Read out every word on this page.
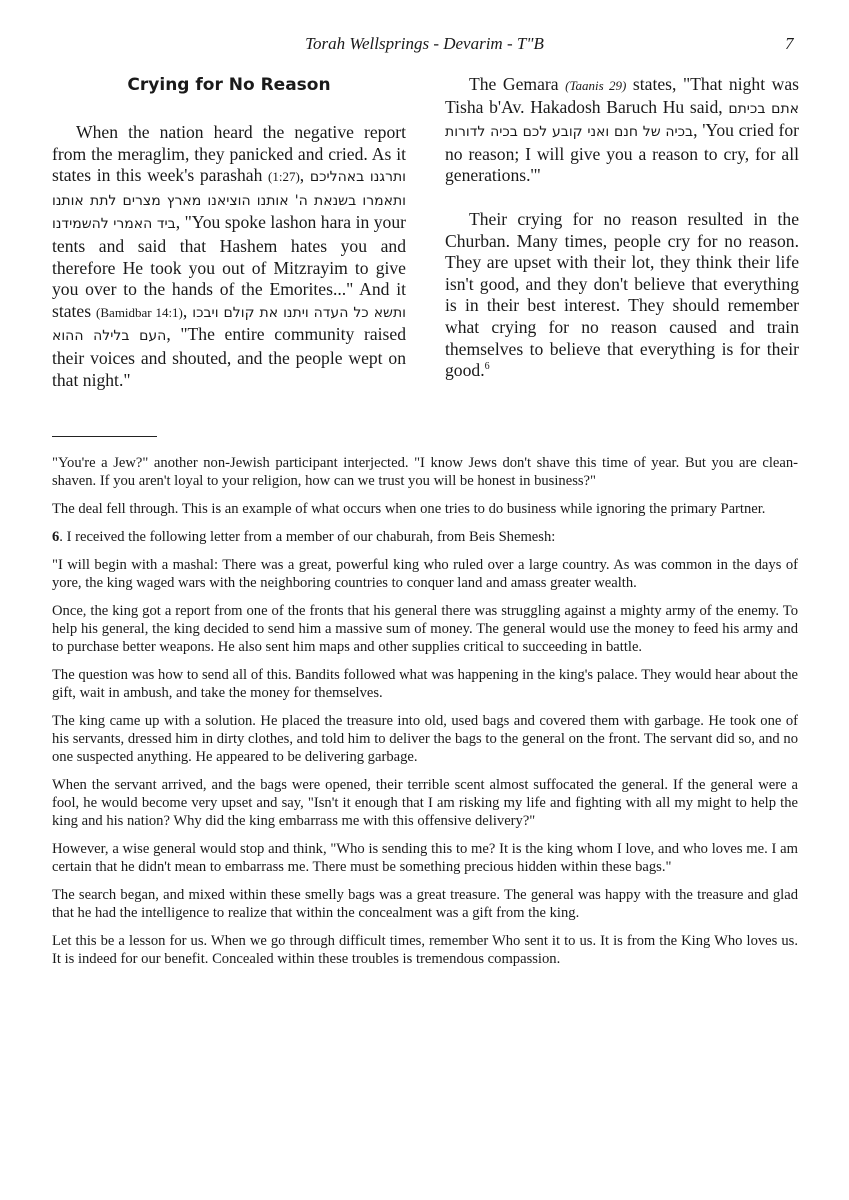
Torah Wellsprings - Devarim - T"B	7
Crying for No Reason

When the nation heard the negative report from the meraglim, they panicked and cried. As it states in this week's parashah (1:27), ותרגנו באהליכם ותאמרו בשנאת ה' אותנו הוציאנו מארץ מצרים לתת אותנו ביד האמרי להשמידנו, "You spoke lashon hara in your tents and said that Hashem hates you and therefore He took you out of Mitzrayim to give you over to the hands of the Emorites..." And it states (Bamidbar 14:1), ותשא כל העדה ויתנו את קולם ויבכו העם בלילה ההוא, "The entire community raised their voices and shouted, and the people wept on that night."

The Gemara (Taanis 29) states, "That night was Tisha b'Av. Hakadosh Baruch Hu said, אתם בכיתם בכיה של חנם ואני קובע לכם בכיה לדורות, 'You cried for no reason; I will give you a reason to cry, for all generations.'"

Their crying for no reason resulted in the Churban. Many times, people cry for no reason. They are upset with their lot, they think their life isn't good, and they don't believe that everything is in their best interest. They should remember what crying for no reason caused and train themselves to believe that everything is for their good.$^6$

"You're a Jew?" another non-Jewish participant interjected. "I know Jews don't shave this time of year. But you are clean-shaven. If you aren't loyal to your religion, how can we trust you will be honest in business?"

The deal fell through. This is an example of what occurs when one tries to do business while ignoring the primary Partner.

6. I received the following letter from a member of our chaburah, from Beis Shemesh:

"I will begin with a mashal: There was a great, powerful king who ruled over a large country. As was common in the days of yore, the king waged wars with the neighboring countries to conquer land and amass greater wealth.

Once, the king got a report from one of the fronts that his general there was struggling against a mighty army of the enemy. To help his general, the king decided to send him a massive sum of money. The general would use the money to feed his army and to purchase better weapons. He also sent him maps and other supplies critical to succeeding in battle.

The question was how to send all of this. Bandits followed what was happening in the king's palace. They would hear about the gift, wait in ambush, and take the money for themselves.

The king came up with a solution. He placed the treasure into old, used bags and covered them with garbage. He took one of his servants, dressed him in dirty clothes, and told him to deliver the bags to the general on the front. The servant did so, and no one suspected anything. He appeared to be delivering garbage.

When the servant arrived, and the bags were opened, their terrible scent almost suffocated the general. If the general were a fool, he would become very upset and say, "Isn't it enough that I am risking my life and fighting with all my might to help the king and his nation? Why did the king embarrass me with this offensive delivery?"

However, a wise general would stop and think, "Who is sending this to me? It is the king whom I love, and who loves me. I am certain that he didn't mean to embarrass me. There must be something precious hidden within these bags."

The search began, and mixed within these smelly bags was a great treasure. The general was happy with the treasure and glad that he had the intelligence to realize that within the concealment was a gift from the king.

Let this be a lesson for us. When we go through difficult times, remember Who sent it to us. It is from the King Who loves us. It is indeed for our benefit. Concealed within these troubles is tremendous compassion.
